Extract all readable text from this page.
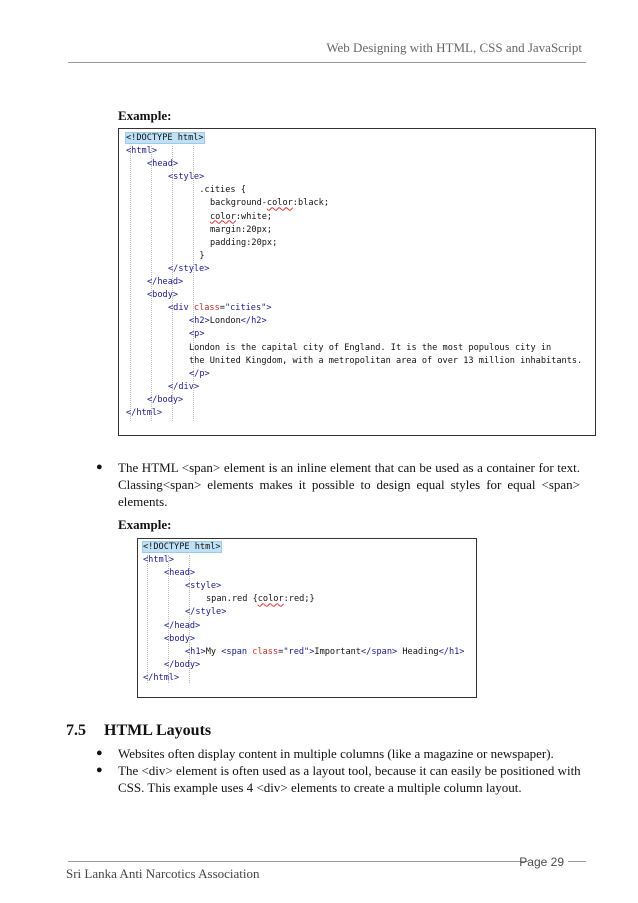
Web Designing with HTML, CSS and JavaScript
Example:
<!DOCTYPE html>
<html>
<head>
<style>
.cities {
background-color:black;
color:white;
margin:20px;
padding:20px;
}
</style>
</head>
<body>
<div class="cities">
<h2>London</h2>
<p>
London is the capital city of England. It is the most populous city in
the United Kingdom, with a metropolitan area of over 13 million inhabitants.
</p>
</div>
</body>
</html>
● The HTML <span> element is an inline element that can be used as a container for text. Classing<span> elements makes it possible to design equal styles for equal <span> elements.
Example:
<!DOCTYPE html>
<html>
<head>
<style>
span.red {color:red;}
</style>
</head>
<body>
<h1>My <span class="red">Important</span> Heading</h1>
</body>
</html>
7.5 HTML Layouts
● Websites often display content in multiple columns (like a magazine or newspaper).
● The <div> element is often used as a layout tool, because it can easily be positioned with CSS. This example uses 4 <div> elements to create a multiple column layout.
Page 29
Sri Lanka Anti Narcotics Association
